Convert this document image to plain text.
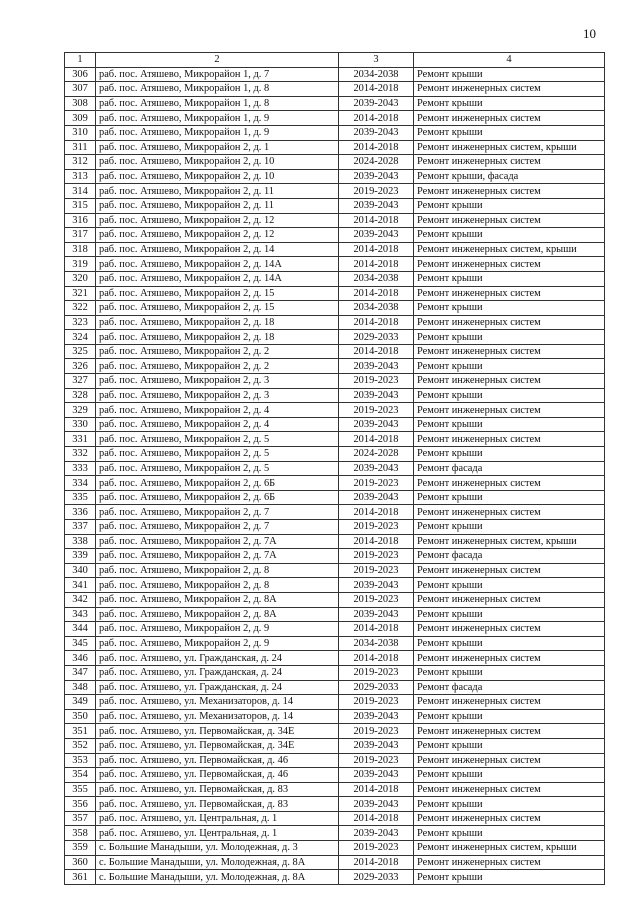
10
1	2	3	4
306	раб. пос. Атяшево, Микрорайон 1, д. 7	2034-2038	Ремонт крыши
307	раб. пос. Атяшево, Микрорайон 1, д. 8	2014-2018	Ремонт инженерных систем
308	раб. пос. Атяшево, Микрорайон 1, д. 8	2039-2043	Ремонт крыши
309	раб. пос. Атяшево, Микрорайон 1, д. 9	2014-2018	Ремонт инженерных систем
310	раб. пос. Атяшево, Микрорайон 1, д. 9	2039-2043	Ремонт крыши
311	раб. пос. Атяшево, Микрорайон 2, д. 1	2014-2018	Ремонт инженерных систем, крыши
312	раб. пос. Атяшево, Микрорайон 2, д. 10	2024-2028	Ремонт инженерных систем
313	раб. пос. Атяшево, Микрорайон 2, д. 10	2039-2043	Ремонт крыши, фасада
314	раб. пос. Атяшево, Микрорайон 2, д. 11	2019-2023	Ремонт инженерных систем
315	раб. пос. Атяшево, Микрорайон 2, д. 11	2039-2043	Ремонт крыши
316	раб. пос. Атяшево, Микрорайон 2, д. 12	2014-2018	Ремонт инженерных систем
317	раб. пос. Атяшево, Микрорайон 2, д. 12	2039-2043	Ремонт крыши
318	раб. пос. Атяшево, Микрорайон 2, д. 14	2014-2018	Ремонт инженерных систем, крыши
319	раб. пос. Атяшево, Микрорайон 2, д. 14А	2014-2018	Ремонт инженерных систем
320	раб. пос. Атяшево, Микрорайон 2, д. 14А	2034-2038	Ремонт крыши
321	раб. пос. Атяшево, Микрорайон 2, д. 15	2014-2018	Ремонт инженерных систем
322	раб. пос. Атяшево, Микрорайон 2, д. 15	2034-2038	Ремонт крыши
323	раб. пос. Атяшево, Микрорайон 2, д. 18	2014-2018	Ремонт инженерных систем
324	раб. пос. Атяшево, Микрорайон 2, д. 18	2029-2033	Ремонт крыши
325	раб. пос. Атяшево, Микрорайон 2, д. 2	2014-2018	Ремонт инженерных систем
326	раб. пос. Атяшево, Микрорайон 2, д. 2	2039-2043	Ремонт крыши
327	раб. пос. Атяшево, Микрорайон 2, д. 3	2019-2023	Ремонт инженерных систем
328	раб. пос. Атяшево, Микрорайон 2, д. 3	2039-2043	Ремонт крыши
329	раб. пос. Атяшево, Микрорайон 2, д. 4	2019-2023	Ремонт инженерных систем
330	раб. пос. Атяшево, Микрорайон 2, д. 4	2039-2043	Ремонт крыши
331	раб. пос. Атяшево, Микрорайон 2, д. 5	2014-2018	Ремонт инженерных систем
332	раб. пос. Атяшево, Микрорайон 2, д. 5	2024-2028	Ремонт крыши
333	раб. пос. Атяшево, Микрорайон 2, д. 5	2039-2043	Ремонт фасада
334	раб. пос. Атяшево, Микрорайон 2, д. 6Б	2019-2023	Ремонт инженерных систем
335	раб. пос. Атяшево, Микрорайон 2, д. 6Б	2039-2043	Ремонт крыши
336	раб. пос. Атяшево, Микрорайон 2, д. 7	2014-2018	Ремонт инженерных систем
337	раб. пос. Атяшево, Микрорайон 2, д. 7	2019-2023	Ремонт крыши
338	раб. пос. Атяшево, Микрорайон 2, д. 7А	2014-2018	Ремонт инженерных систем, крыши
339	раб. пос. Атяшево, Микрорайон 2, д. 7А	2019-2023	Ремонт фасада
340	раб. пос. Атяшево, Микрорайон 2, д. 8	2019-2023	Ремонт инженерных систем
341	раб. пос. Атяшево, Микрорайон 2, д. 8	2039-2043	Ремонт крыши
342	раб. пос. Атяшево, Микрорайон 2, д. 8А	2019-2023	Ремонт инженерных систем
343	раб. пос. Атяшево, Микрорайон 2, д. 8А	2039-2043	Ремонт крыши
344	раб. пос. Атяшево, Микрорайон 2, д. 9	2014-2018	Ремонт инженерных систем
345	раб. пос. Атяшево, Микрорайон 2, д. 9	2034-2038	Ремонт крыши
346	раб. пос. Атяшево, ул. Гражданская, д. 24	2014-2018	Ремонт инженерных систем
347	раб. пос. Атяшево, ул. Гражданская, д. 24	2019-2023	Ремонт крыши
348	раб. пос. Атяшево, ул. Гражданская, д. 24	2029-2033	Ремонт фасада
349	раб. пос. Атяшево, ул. Механизаторов, д. 14	2019-2023	Ремонт инженерных систем
350	раб. пос. Атяшево, ул. Механизаторов, д. 14	2039-2043	Ремонт крыши
351	раб. пос. Атяшево, ул. Первомайская, д. 34Е	2019-2023	Ремонт инженерных систем
352	раб. пос. Атяшево, ул. Первомайская, д. 34Е	2039-2043	Ремонт крыши
353	раб. пос. Атяшево, ул. Первомайская, д. 46	2019-2023	Ремонт инженерных систем
354	раб. пос. Атяшево, ул. Первомайская, д. 46	2039-2043	Ремонт крыши
355	раб. пос. Атяшево, ул. Первомайская, д. 83	2014-2018	Ремонт инженерных систем
356	раб. пос. Атяшево, ул. Первомайская, д. 83	2039-2043	Ремонт крыши
357	раб. пос. Атяшево, ул. Центральная, д. 1	2014-2018	Ремонт инженерных систем
358	раб. пос. Атяшево, ул. Центральная, д. 1	2039-2043	Ремонт крыши
359	с. Большие Манадыши, ул. Молодежная, д. 3	2019-2023	Ремонт инженерных систем, крыши
360	с. Большие Манадыши, ул. Молодежная, д. 8А	2014-2018	Ремонт инженерных систем
361	с. Большие Манадыши, ул. Молодежная, д. 8А	2029-2033	Ремонт крыши
